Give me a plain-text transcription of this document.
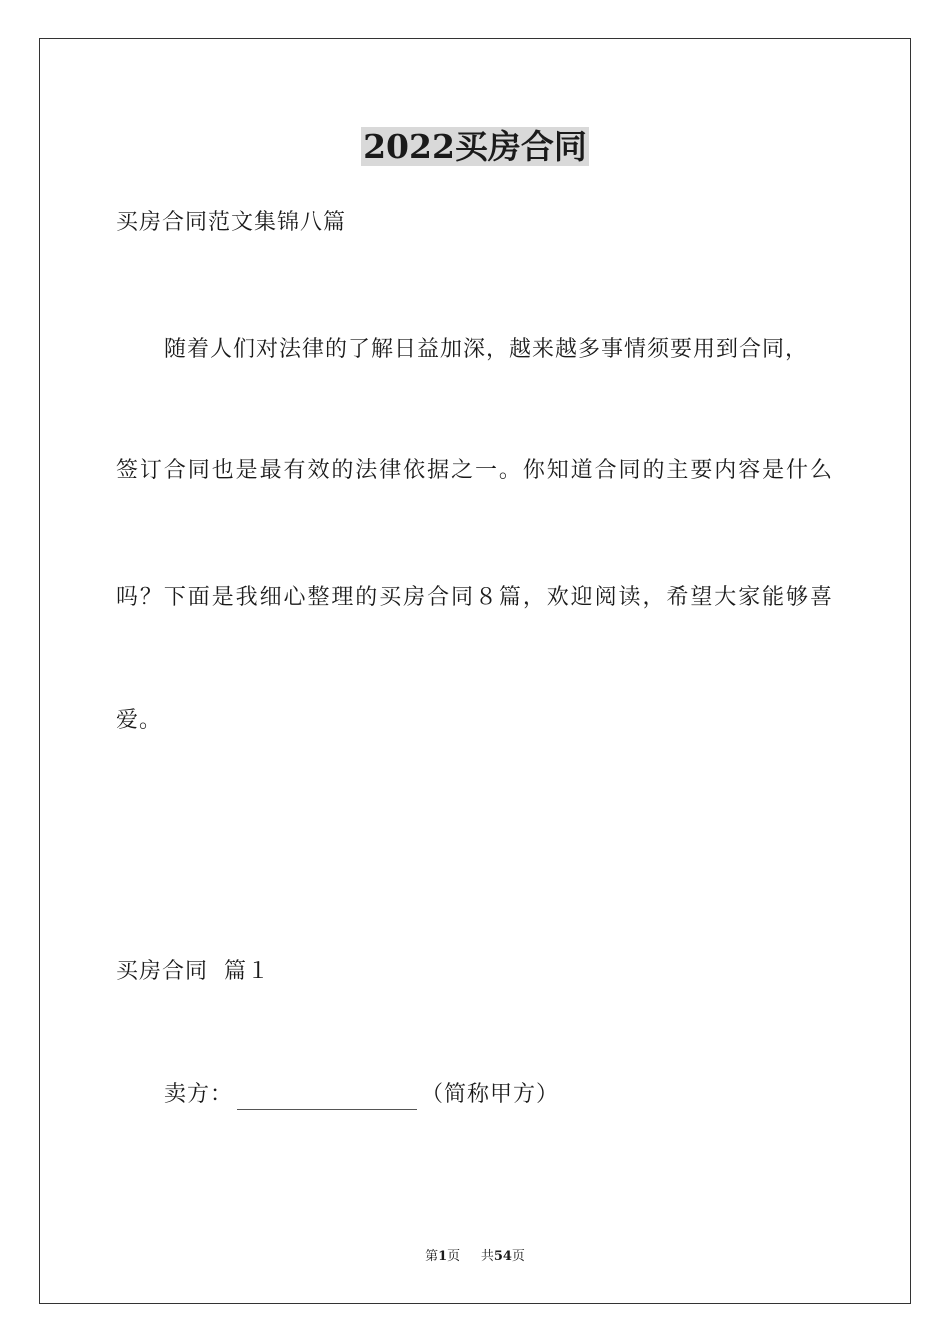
2022买房合同
买房合同范文集锦八篇
随着人们对法律的了解日益加深，越来越多事情须要用到合同，
签订合同也是最有效的法律依据之一。你知道合同的主要内容是什么
吗？下面是我细心整理的买房合同８篇，欢迎阅读，希望大家能够喜
爱。
买房合同  篇１
卖方：	（简称甲方）
第1页 共54页
